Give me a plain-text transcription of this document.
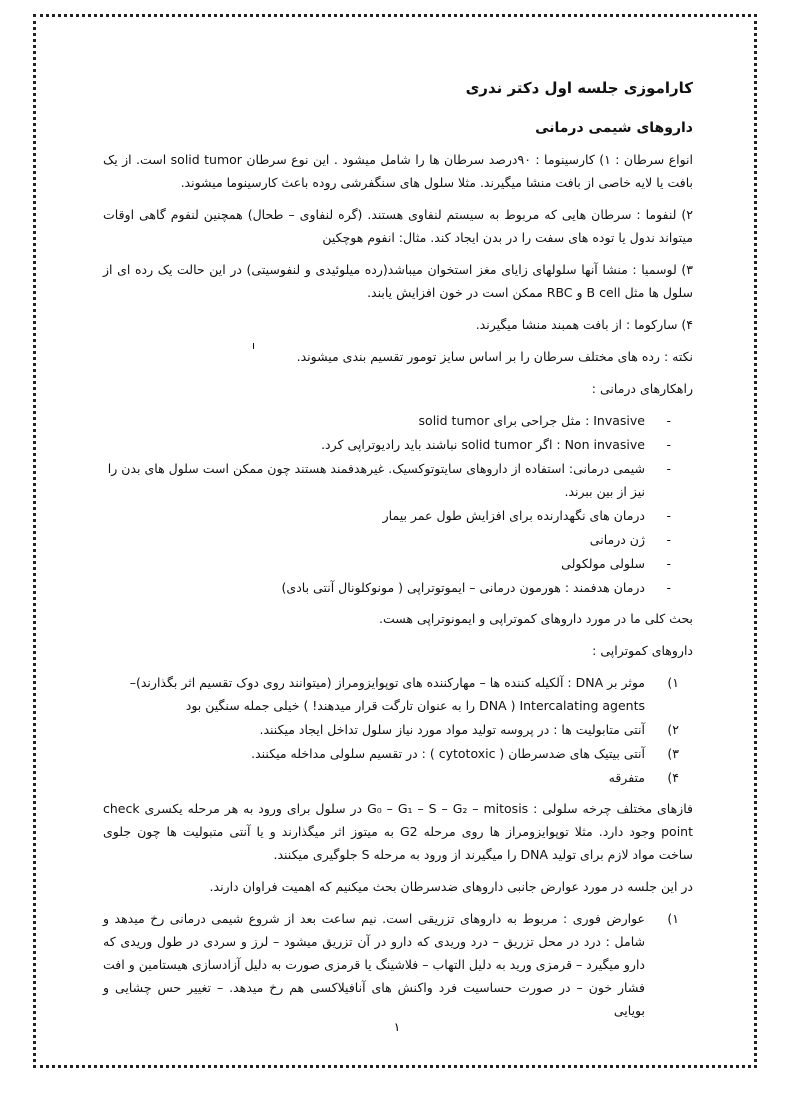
کاراموزی جلسه اول دکتر ندری
داروهای شیمی درمانی

انواع سرطان : ۱) کارسینوما : ۹۰درصد سرطان ها را شامل میشود . این نوع سرطان solid tumor است. از یک بافت یا لایه خاصی از بافت منشا میگیرند. مثلا سلول های سنگفرشی روده باعث کارسینوما میشوند.

۲) لنفوما : سرطان هایی که مربوط به سیستم لنفاوی هستند. (گره لنفاوی – طحال) همچنین لنفوم گاهی اوقات میتواند ندول یا توده های سفت را در بدن ایجاد کند. مثال: انفوم هوچکین

۳) لوسمیا : منشا آنها سلولهای زایای مغز استخوان میباشد(رده میلوئیدی و لنفوسیتی) در این حالت یک رده ای از سلول ها مثل B cell و RBC ممکن است در خون افزایش یابند.

۴) سارکوما : از بافت همبند منشا میگیرند.

نکته : رده های مختلف سرطان را بر اساس سایز تومور تقسیم بندی میشوند.

راهکارهای درمانی :

- Invasive : مثل جراحی برای solid tumor
- Non invasive : اگر solid tumor نباشند باید رادیوتراپی کرد.
- شیمی درمانی: استفاده از داروهای سایتوتوکسیک. غیرهدفمند هستند چون ممکن است سلول های بدن را نیز از بین ببرند.
- درمان های نگهدارنده برای افزایش طول عمر بیمار
- ژن درمانی
- سلولی مولکولی
- درمان هدفمند : هورمون درمانی – ایموتوتراپی ( مونوکلونال آنتی بادی)

بحث کلی ما در مورد داروهای کموتراپی و ایمونوتراپی هست.

داروهای کموتراپی :

۱)
موثر بر DNA : آلکیله کننده ها – مهارکننده های توپوایزومراز (میتوانند روی دوک تقسیم اثر بگذارند)– Intercalating agents ( DNA را به عنوان تارگت قرار میدهند! ) خیلی جمله سنگین بود
۲)
آنتی متابولیت ها : در پروسه تولید مواد مورد نیاز سلول تداخل ایجاد میکنند.
۳)
آنتی بیتیک های ضدسرطان ( cytotoxic ) : در تقسیم سلولی مداخله میکنند.
۴)
متفرقه

فازهای مختلف چرخه سلولی : G₀ – G₁ – S – G₂ – mitosis در سلول برای ورود به هر مرحله یکسری check point وجود دارد. مثلا توپوایزومراز ها روی مرحله G2 به میتوز اثر میگذارند و یا آنتی متبولیت ها چون جلوی ساخت مواد لازم برای تولید DNA را میگیرند از ورود به مرحله S جلوگیری میکنند.

در این جلسه در مورد عوارض جانبی داروهای ضدسرطان بحث میکنیم که اهمیت فراوان دارند.

۱)
عوارض فوری : مربوط به داروهای تزریقی است. نیم ساعت بعد از شروع شیمی درمانی رخ میدهد و شامل : درد در محل تزریق – درد وریدی که دارو در آن تزریق میشود – لرز و سردی در طول وریدی که دارو میگیرد – قرمزی ورید به دلیل التهاب – فلاشینگ یا قرمزی صورت به دلیل آزادسازی هیستامین و افت فشار خون – در صورت حساسیت فرد واکنش های آنافیلاکسی هم رخ میدهد. – تغییر حس چشایی و بویایی
۱
